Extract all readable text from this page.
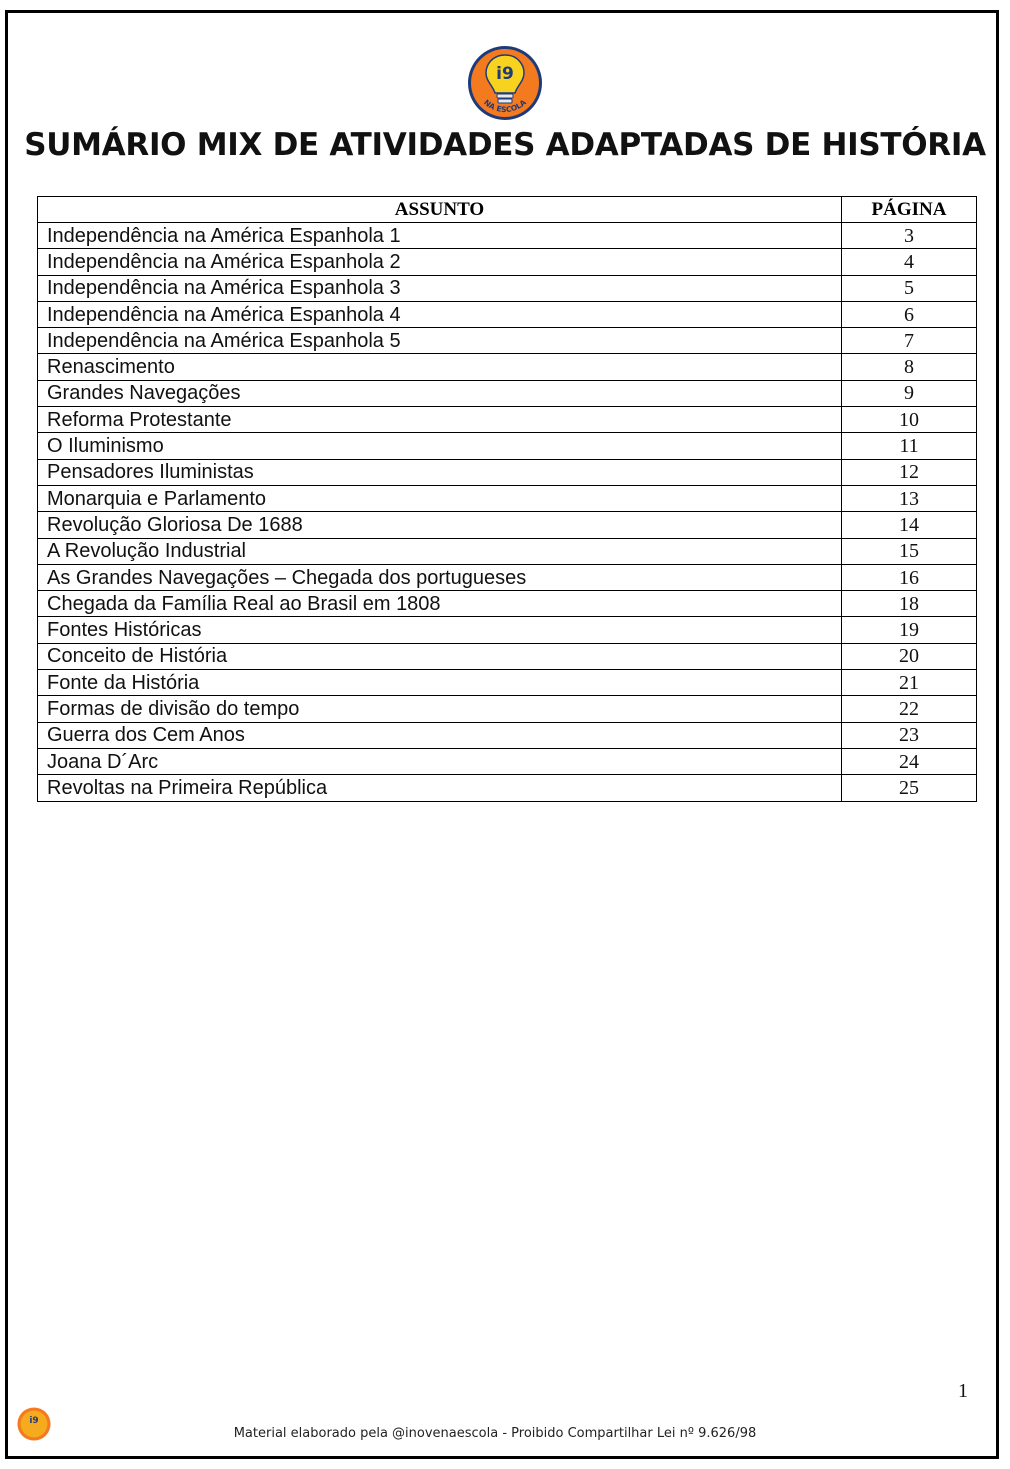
i9
NA ESCOLA
SUMÁRIO MIX DE ATIVIDADES ADAPTADAS DE HISTÓRIA
ASSUNTO	PÁGINA
Independência na América Espanhola 1	3
Independência na América Espanhola 2	4
Independência na América Espanhola 3	5
Independência na América Espanhola 4	6
Independência na América Espanhola 5	7
Renascimento	8
Grandes Navegações	9
Reforma Protestante	10
O Iluminismo	11
Pensadores Iluministas	12
Monarquia e Parlamento	13
Revolução Gloriosa De 1688	14
A Revolução Industrial	15
As Grandes Navegações – Chegada dos portugueses	16
Chegada da Família Real ao Brasil em 1808	18
Fontes Históricas	19
Conceito de História	20
Fonte da História	21
Formas de divisão do tempo	22
Guerra dos Cem Anos	23
Joana D´Arc	24
Revoltas na Primeira República	25
1
i9
Material elaborado pela @inovenaescola - Proibido Compartilhar Lei nº 9.626/98
